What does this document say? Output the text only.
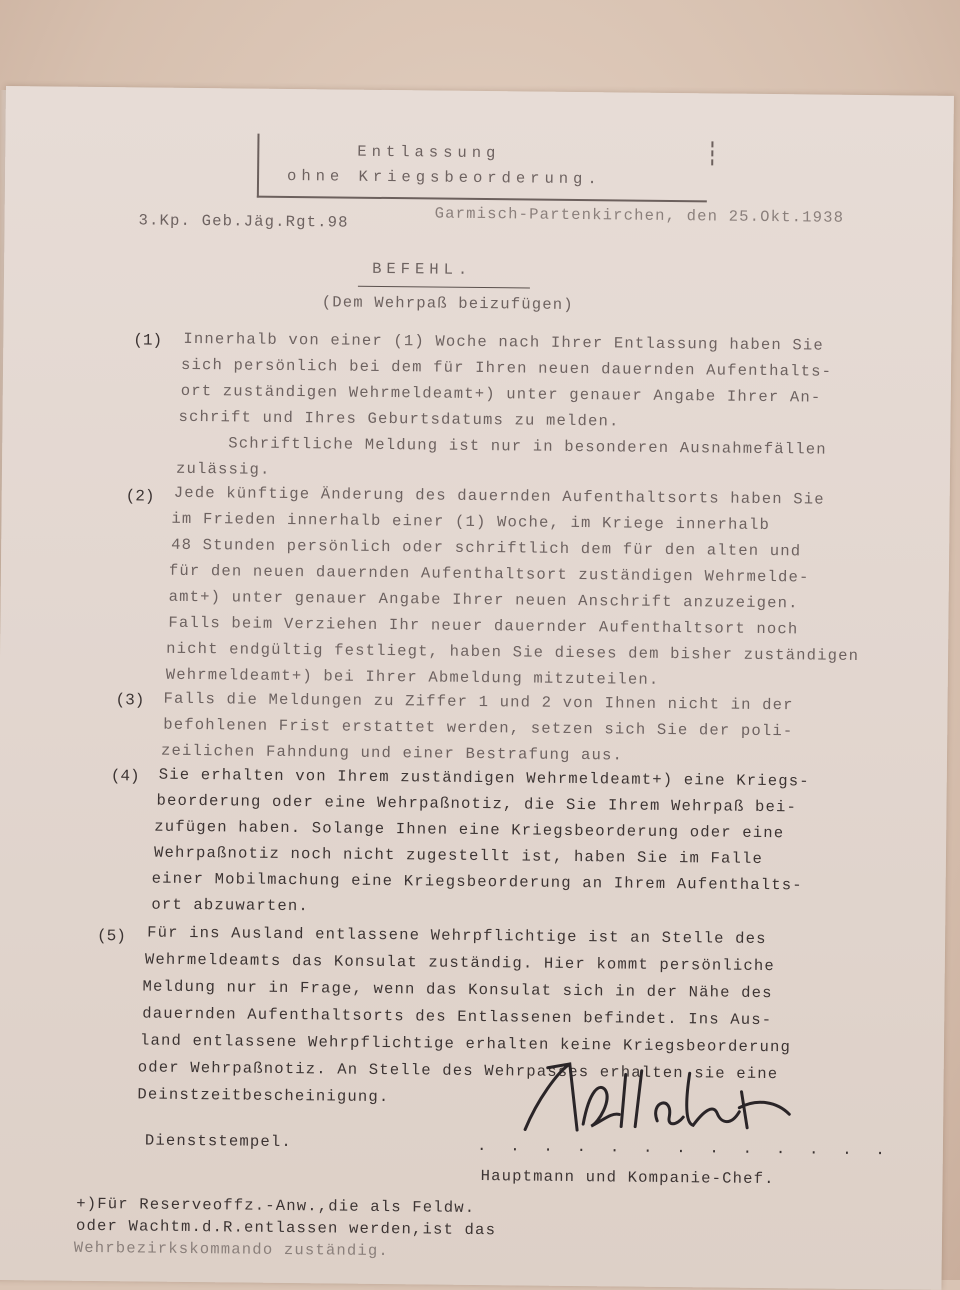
Entlassung
ohne Kriegsbeorderung.
3.Kp. Geb.Jäg.Rgt.98	Garmisch-Partenkirchen, den 25.Okt.1938
BEFEHL.
(Dem Wehrpaß beizufügen)
(1) Innerhalb von einer (1) Woche nach Ihrer Entlassung haben Sie
sich persönlich bei dem für Ihren neuen dauernden Aufenthalts-
ort zuständigen Wehrmeldeamt+) unter genauer Angabe Ihrer An-
schrift und Ihres Geburtsdatums zu melden.
Schriftliche Meldung ist nur in besonderen Ausnahmefällen
zulässig.
(2) Jede künftige Änderung des dauernden Aufenthaltsorts haben Sie
im Frieden innerhalb einer (1) Woche, im Kriege innerhalb
48 Stunden persönlich oder schriftlich dem für den alten und
für den neuen dauernden Aufenthaltsort zuständigen Wehrmelde-
amt+) unter genauer Angabe Ihrer neuen Anschrift anzuzeigen.
Falls beim Verziehen Ihr neuer dauernder Aufenthaltsort noch
nicht endgültig festliegt, haben Sie dieses dem bisher zuständigen
Wehrmeldeamt+) bei Ihrer Abmeldung mitzuteilen.
(3) Falls die Meldungen zu Ziffer 1 und 2 von Ihnen nicht in der
befohlenen Frist erstattet werden, setzen sich Sie der poli-
zeilichen Fahndung und einer Bestrafung aus.
(4) Sie erhalten von Ihrem zuständigen Wehrmeldeamt+) eine Kriegs-
beorderung oder eine Wehrpaßnotiz, die Sie Ihrem Wehrpaß bei-
zufügen haben. Solange Ihnen eine Kriegsbeorderung oder eine
Wehrpaßnotiz noch nicht zugestellt ist, haben Sie im Falle
einer Mobilmachung eine Kriegsbeorderung an Ihrem Aufenthalts-
ort abzuwarten.
(5) Für ins Ausland entlassene Wehrpflichtige ist an Stelle des
Wehrmeldeamts das Konsulat zuständig. Hier kommt persönliche
Meldung nur in Frage, wenn das Konsulat sich in der Nähe des
dauernden Aufenthaltsorts des Entlassenen befindet. Ins Aus-
land entlassene Wehrpflichtige erhalten keine Kriegsbeorderung
oder Wehrpaßnotiz. An Stelle des Wehrpasses erhalten sie eine
Deinstzeitbescheinigung.
Dienststempel.	. . . . . . . . . . . . .
Hauptmann und Kompanie-Chef.
+)Für Reserveoffz.-Anw.,die als Feldw.
oder Wachtm.d.R.entlassen werden,ist das
Wehrbezirkskommando zuständig.
